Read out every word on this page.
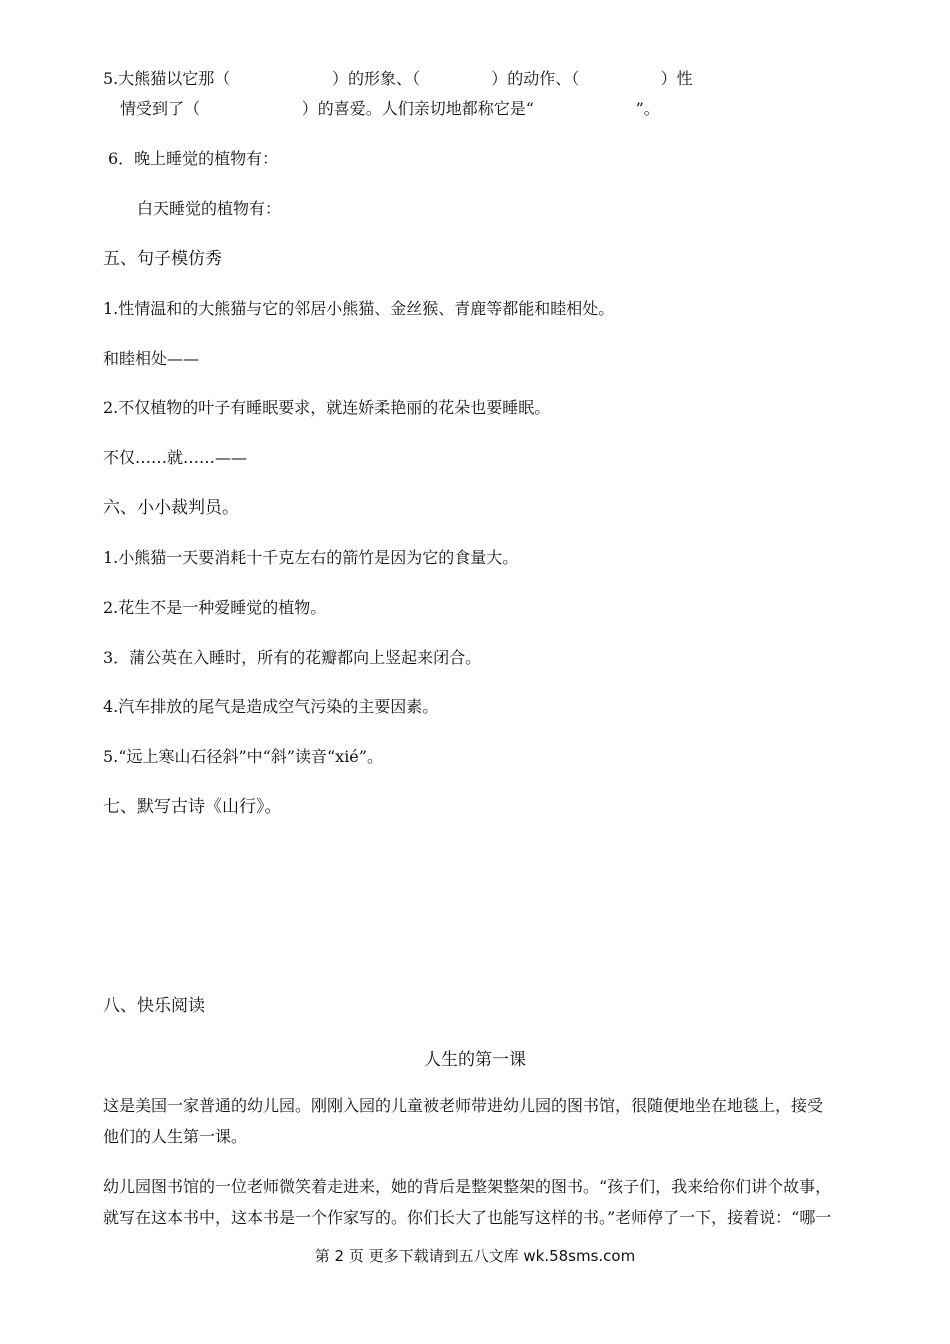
5.大熊猫以它那（                    ）的形象、（              ）的动作、（                ）性
情受到了（                    ）的喜爱。人们亲切地都称它是“                    ”。
6．晚上睡觉的植物有：
白天睡觉的植物有：
五、句子模仿秀
1.性情温和的大熊猫与它的邻居小熊猫、金丝猴、青鹿等都能和睦相处。
和睦相处——
2.不仅植物的叶子有睡眠要求，就连娇柔艳丽的花朵也要睡眠。
不仅……就……——
六、小小裁判员。
1.小熊猫一天要消耗十千克左右的箭竹是因为它的食量大。
2.花生不是一种爱睡觉的植物。
3．蒲公英在入睡时，所有的花瓣都向上竖起来闭合。
4.汽车排放的尾气是造成空气污染的主要因素。
5.“远上寒山石径斜”中“斜”读音“xié”。
七、默写古诗《山行》。
八、快乐阅读
人生的第一课
这是美国一家普通的幼儿园。刚刚入园的儿童被老师带进幼儿园的图书馆，很随便地坐在地毯上，接受
他们的人生第一课。
幼儿园图书馆的一位老师微笑着走进来，她的背后是整架整架的图书。“孩子们，我来给你们讲个故事，
就写在这本书中，这本书是一个作家写的。你们长大了也能写这样的书。”老师停了一下，接着说：“哪一
第 2 页 更多下载请到五八文库 wk.58sms.com
